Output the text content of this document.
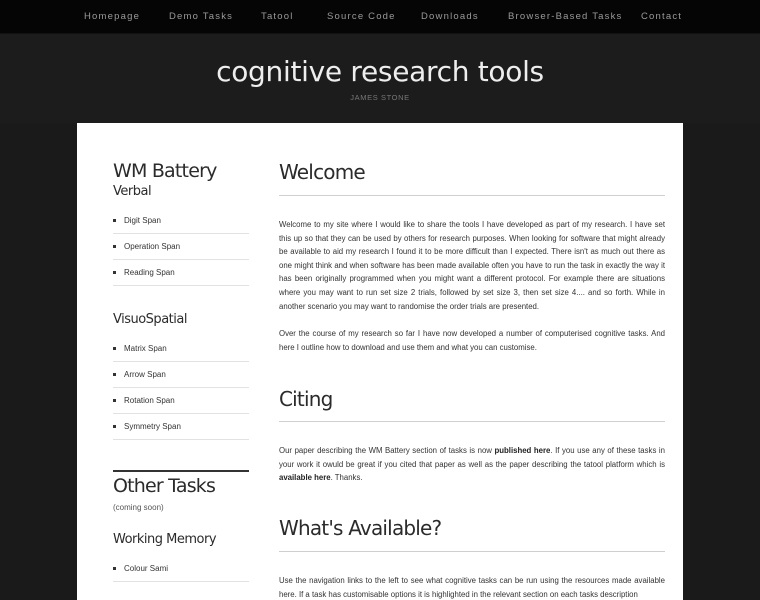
Homepage	Demo Tasks	Tatool	Source Code	Downloads	Browser-Based Tasks Contact
cognitive research tools
JAMES STONE
WM Battery
Verbal
Digit Span
Operation Span
Reading Span
VisuoSpatial
Matrix Span
Arrow Span
Rotation Span
Symmetry Span
Other Tasks
(coming soon)
Working Memory
Colour Sami
Welcome

Welcome to my site where I would like to share the tools I have developed as part of my research. I have set this up so that they can be used by others for research purposes. When looking for software that might already be available to aid my research I found it to be more difficult than I expected. There isn't as much out there as one might think and when software has been made available often you have to run the task in exactly the way it has been originally programmed when you might want a different protocol. For example there are situations where you may want to run set size 2 trials, followed by set size 3, then set size 4.... and so forth. While in another scenario you may want to randomise the order trials are presented.

Over the course of my research so far I have now developed a number of computerised cognitive tasks. And here I outline how to download and use them and what you can customise.

Citing

Our paper describing the WM Battery section of tasks is now published here. If you use any of these tasks in your work it owuld be great if you cited that paper as well as the paper describing the tatool platform which is available here. Thanks.

What's Available?

Use the navigation links to the left to see what cognitive tasks can be run using the resources made available here. If a task has customisable options it is highlighted in the relevant section on each tasks description
